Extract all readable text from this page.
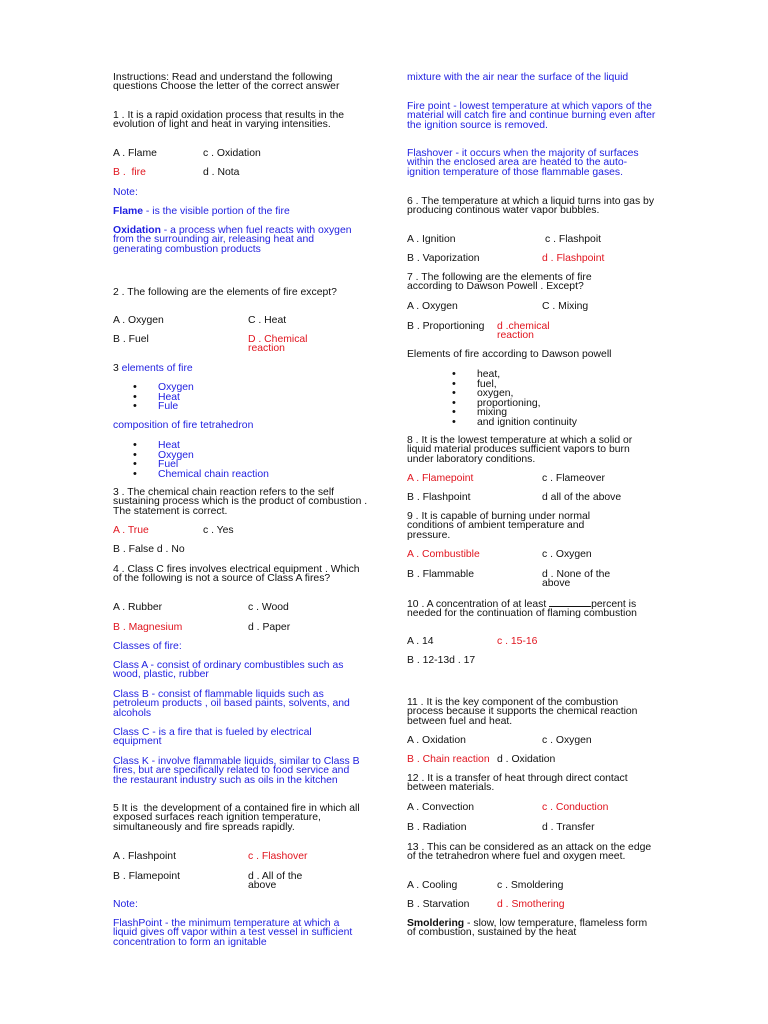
Instructions: Read and understand the following questions Choose the letter of the correct answer

1 . It is a rapid oxidation process that results in the evolution of light and heat in varying intensities.

A . Flame	c . Oxidation

B .  fire	d . Nota

Note:

Flame - is the visible portion of the fire

Oxidation - a process when fuel reacts with oxygen from the surrounding air, releasing heat and generating combustion products

2 . The following are the elements of fire except?

A . Oxygen	C . Heat

B . Fuel	D . Chemical reaction

3 elements of fire

• Oxygen
• Heat
• Fule

composition of fire tetrahedron

• Heat
• Oxygen
• Fuel
• Chemical chain reaction

3 . The chemical chain reaction refers to the self sustaining process which is the product of combustion . The statement is correct.

A . True	c . Yes

B . False d . No

4 . Class C fires involves electrical equipment . Which of the following is not a source of Class A fires?

A . Rubber	c . Wood

B . Magnesium	d . Paper

Classes of fire:

Class A - consist of ordinary combustibles such as wood, plastic, rubber

Class B - consist of flammable liquids such as petroleum products , oil based paints, solvents, and alcohols

Class C - is a fire that is fueled by electrical equipment

Class K - involve flammable liquids, similar to Class B fires, but are specifically related to food service and the restaurant industry such as oils in the kitchen

5 It is  the development of a contained fire in which all exposed surfaces reach ignition temperature, simultaneously and fire spreads rapidly.

A . Flashpoint	c . Flashover

B . Flamepoint	d . All of the above

Note:

FlashPoint - the minimum temperature at which a liquid gives off vapor within a test vessel in sufficient concentration to form an ignitable

mixture with the air near the surface of the liquid

Fire point - lowest temperature at which vapors of the material will catch fire and continue burning even after the ignition source is removed.

Flashover - it occurs when the majority of surfaces within the enclosed area are heated to the auto-ignition temperature of those flammable gases.

6 . The temperature at which a liquid turns into gas by producing continous water vapor bubbles.

A . Ignition	c . Flashpoit

B . Vaporization	d . Flashpoint

7 . The following are the elements of fire according to Dawson Powell . Except?

A . Oxygen	C . Mixing

B . Proportioning d .chemical reaction

Elements of fire according to Dawson powell

• heat,
• fuel,
• oxygen,
• proportioning,
• mixing
• and ignition continuity

8 . It is the lowest temperature at which a solid or liquid material produces sufficient vapors to burn under laboratory conditions.

A . Flamepoint	c . Flameover

B . Flashpoint	d all of the above

9 . It is capable of burning under normal conditions of ambient temperature and pressure.

A . Combustible	c . Oxygen

B . Flammable	d . None of the above

10 . A concentration of at least	percent is needed for the continuation of flaming combustion

A . 14	c . 15-16

B . 12-13d . 17

11 . It is the key component of the combustion process because it supports the chemical reaction between fuel and heat.

A . Oxidation	c . Oxygen

B . Chain reaction d . Oxidation

12 . It is a transfer of heat through direct contact between materials.

A . Convection	c . Conduction

B . Radiation	d . Transfer

13 . This can be considered as an attack on the edge of the tetrahedron where fuel and oxygen meet.

A . Cooling	c . Smoldering

B . Starvation	d . Smothering

Smoldering - slow, low temperature, flameless form of combustion, sustained by the heat
